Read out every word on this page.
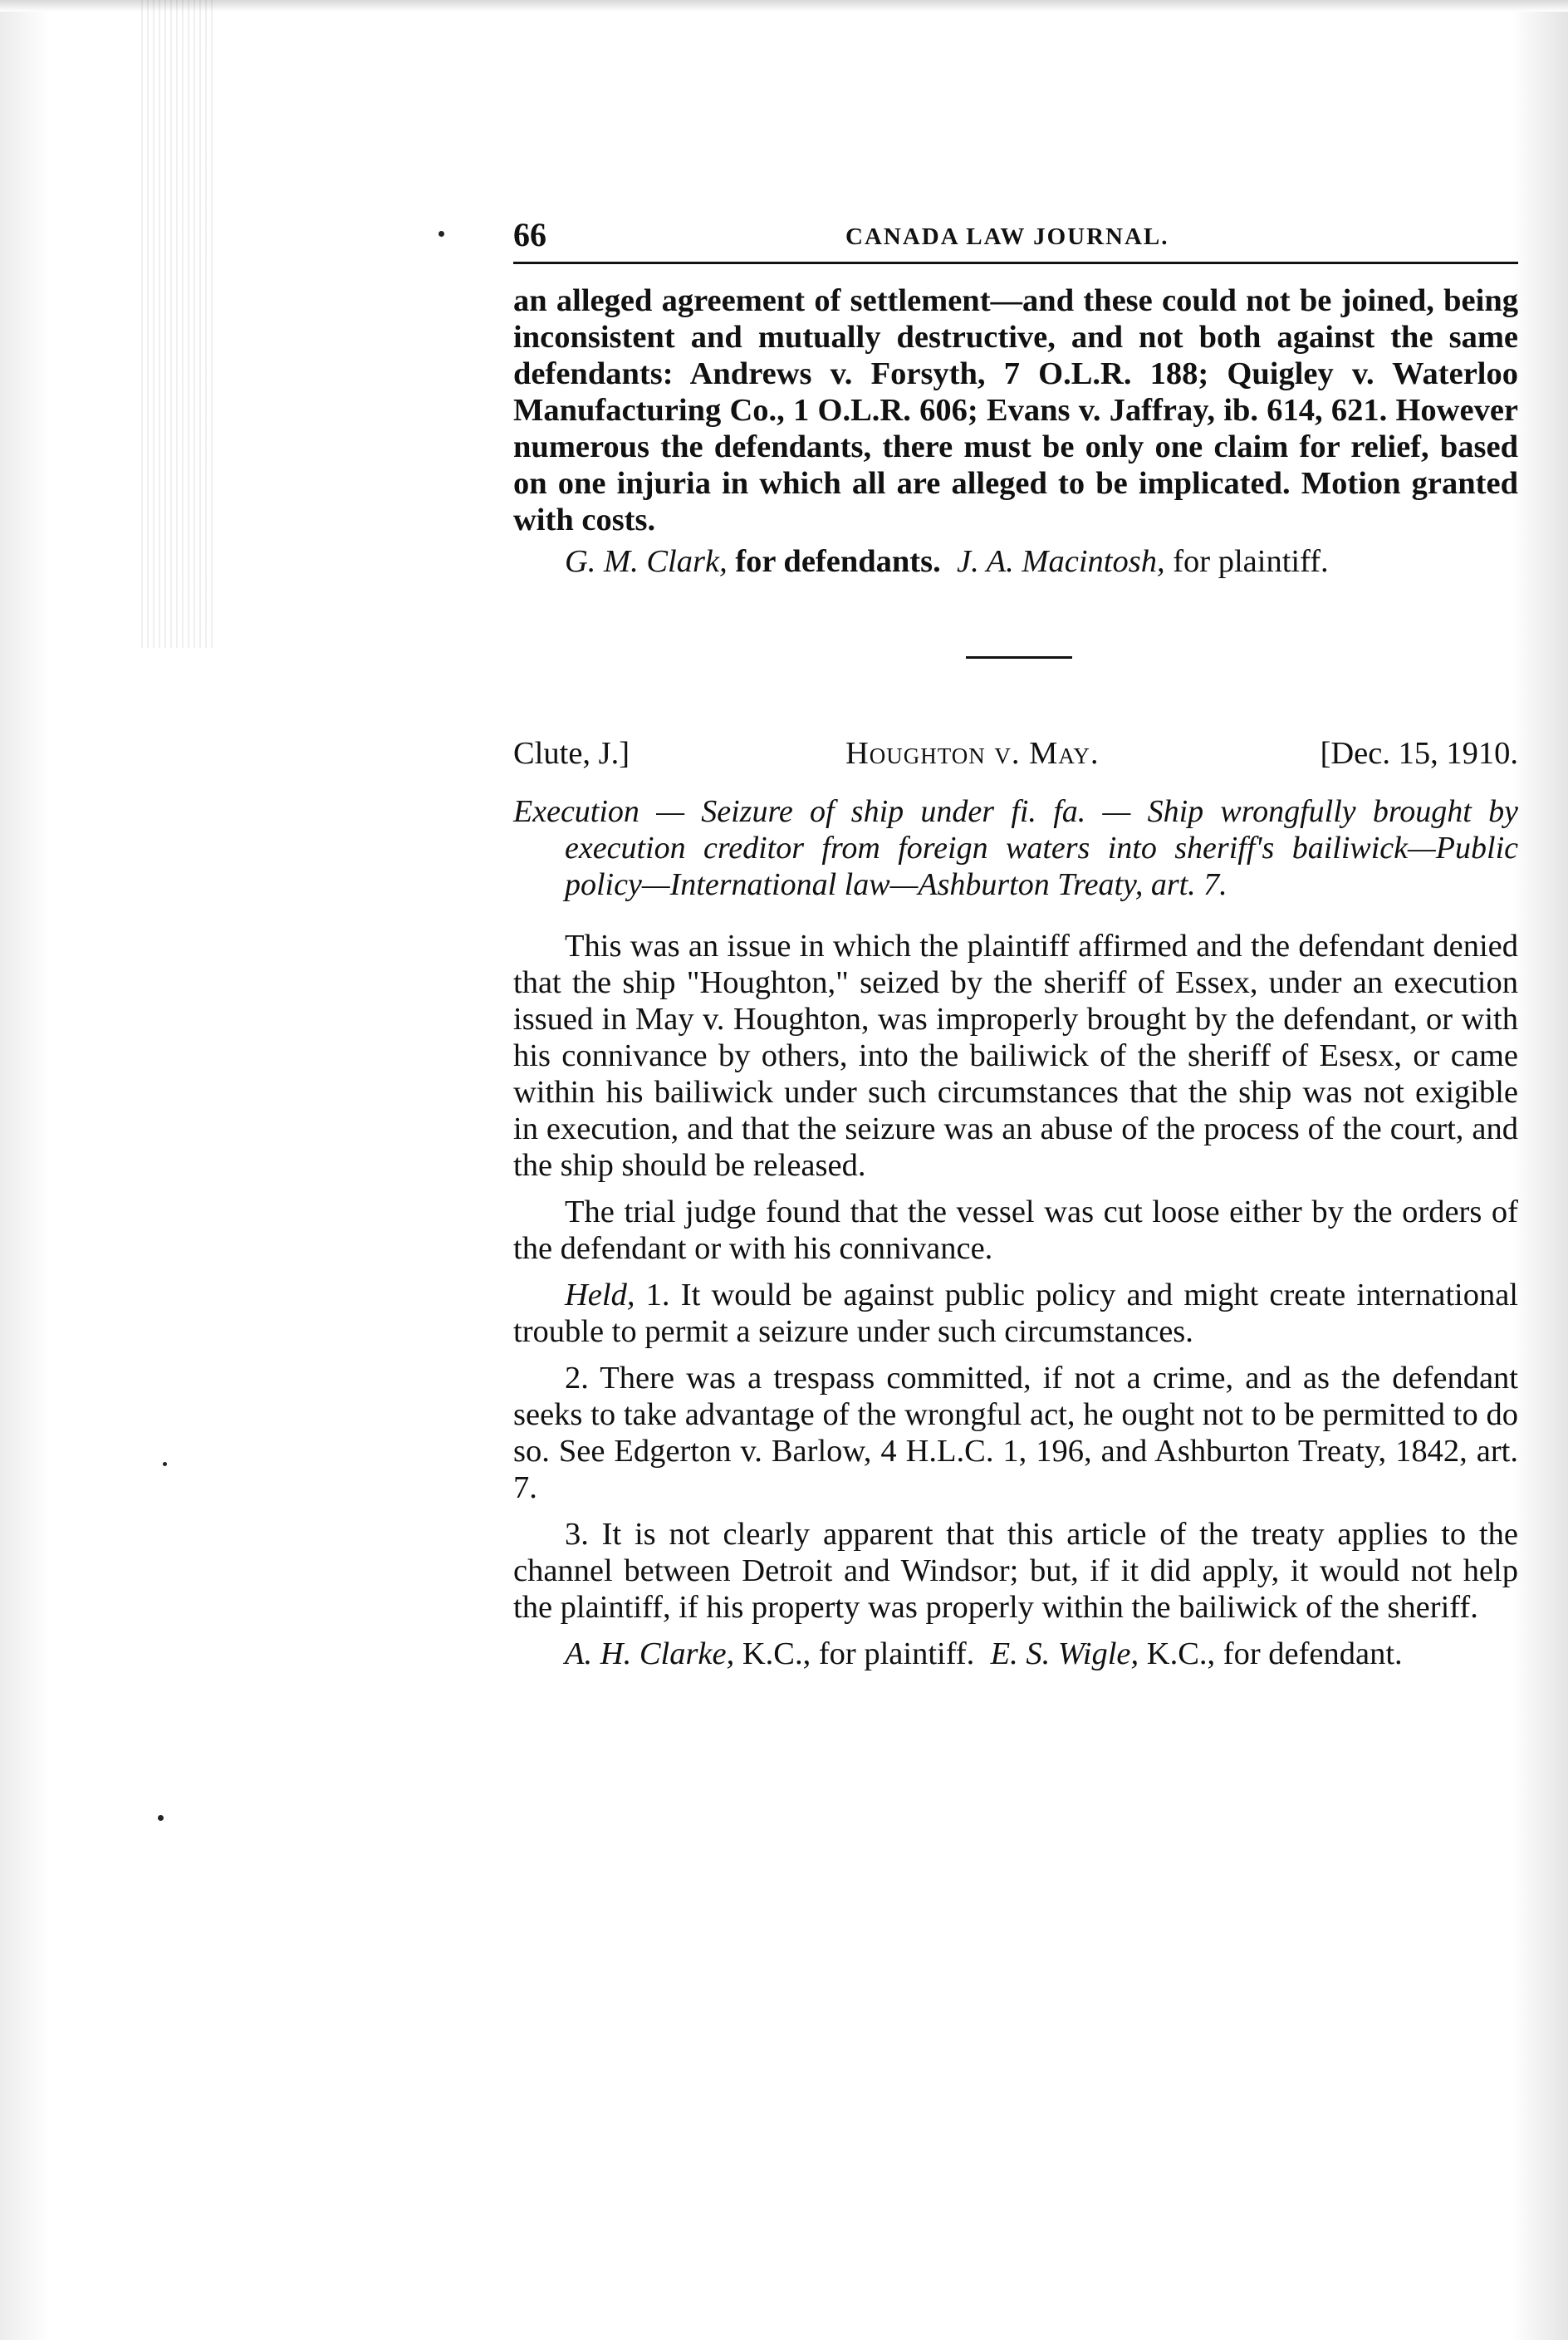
66	CANADA LAW JOURNAL.

an alleged agreement of settlement—and these could not be joined, being inconsistent and mutually destructive, and not both against the same defendants: Andrews v. Forsyth, 7 O.L.R. 188; Quigley v. Waterloo Manufacturing Co., 1 O.L.R. 606; Evans v. Jaffray, ib. 614, 621. However numerous the defendants, there must be only one claim for relief, based on one injuria in which all are alleged to be implicated. Motion granted with costs.

G. M. Clark, for defendants. J. A. Macintosh, for plaintiff.

Clute, J.]	Houghton v. May.	[Dec. 15, 1910.

Execution — Seizure of ship under fi. fa. — Ship wrongfully brought by execution creditor from foreign waters into sheriff's bailiwick—Public policy—International law—Ashburton Treaty, art. 7.

This was an issue in which the plaintiff affirmed and the defendant denied that the ship "Houghton," seized by the sheriff of Essex, under an execution issued in May v. Houghton, was improperly brought by the defendant, or with his connivance by others, into the bailiwick of the sheriff of Esesx, or came within his bailiwick under such circumstances that the ship was not exigible in execution, and that the seizure was an abuse of the process of the court, and the ship should be released.

The trial judge found that the vessel was cut loose either by the orders of the defendant or with his connivance.

Held, 1. It would be against public policy and might create international trouble to permit a seizure under such circumstances.

2. There was a trespass committed, if not a crime, and as the defendant seeks to take advantage of the wrongful act, he ought not to be permitted to do so. See Edgerton v. Barlow, 4 H.L.C. 1, 196, and Ashburton Treaty, 1842, art. 7.

3. It is not clearly apparent that this article of the treaty applies to the channel between Detroit and Windsor; but, if it did apply, it would not help the plaintiff, if his property was properly within the bailiwick of the sheriff.

A. H. Clarke, K.C., for plaintiff. E. S. Wigle, K.C., for defendant.
